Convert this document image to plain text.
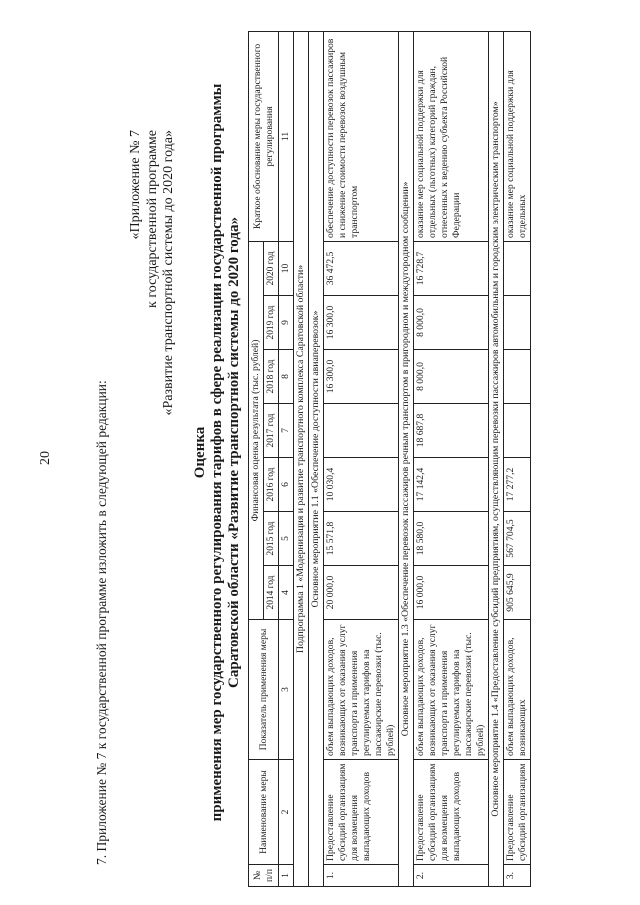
7. Приложение № 7 к государственной программе изложить в следующей редакции:
20
«Приложение № 7 к государственной программе «Развитие транспортной системы до 2020 года»
Оценка применения мер государственного регулирования тарифов в сфере реализации государственной программы Саратовской области «Развитие транспортной системы до 2020 года»
№ п/п	Наименование меры	Показатель применения меры	Финансовая оценка результата (тыс. рублей)							Краткое обоснование меры государственного регулирования
			2014 год	2015 год	2016 год	2017 год	2018 год	2019 год	2020 год	
1	2	3	4	5	6	7	8	9	10	11
Подпрограмма 1 «Модернизация и развитие транспортного комплекса Саратовской области»										
Основное мероприятие 1.1 «Обеспечение доступности авиаперевозок»										
1.	Предоставление субсидий организациям для возмещения выпадающих доходов	объем выпадающих доходов, возникающих от оказания услуг транспорта и применения регулируемых тарифов на пассажирские перевозки (тыс. рублей)	20 000,0	15 571,8	10 030,4		16 300,0	16 300,0	36 472,5	обеспечение доступности перевозок пассажиров и снижение стоимости перевозок воздушным транспортом
Основное мероприятие 1.3 «Обеспечение перевозок пассажиров речным транспортом в пригородном и междугородном сообщении»										
2.	Предоставление субсидий организациям для возмещения выпадающих доходов	объем выпадающих доходов, возникающих от оказания услуг транспорта и применения регулируемых тарифов на пассажирские перевозки (тыс. рублей)	16 000,0	18 580,0	17 142,4	18 687,8	8 000,0	8 000,0	16 728,7	оказание мер социальной поддержки для отдельных (льготных) категорий граждан, отнесенных к ведению субъекта Российской Федерации
Основное мероприятие 1.4 «Предоставление субсидий предприятиям, осуществляющим перевозки пассажиров автомобильным и городским электрическим транспортом»										
3.	Предоставление субсидий организациям	объем выпадающих доходов, возникающих	905 645,9	567 704,5	17 277,2					оказание мер социальной поддержки для отдельных
